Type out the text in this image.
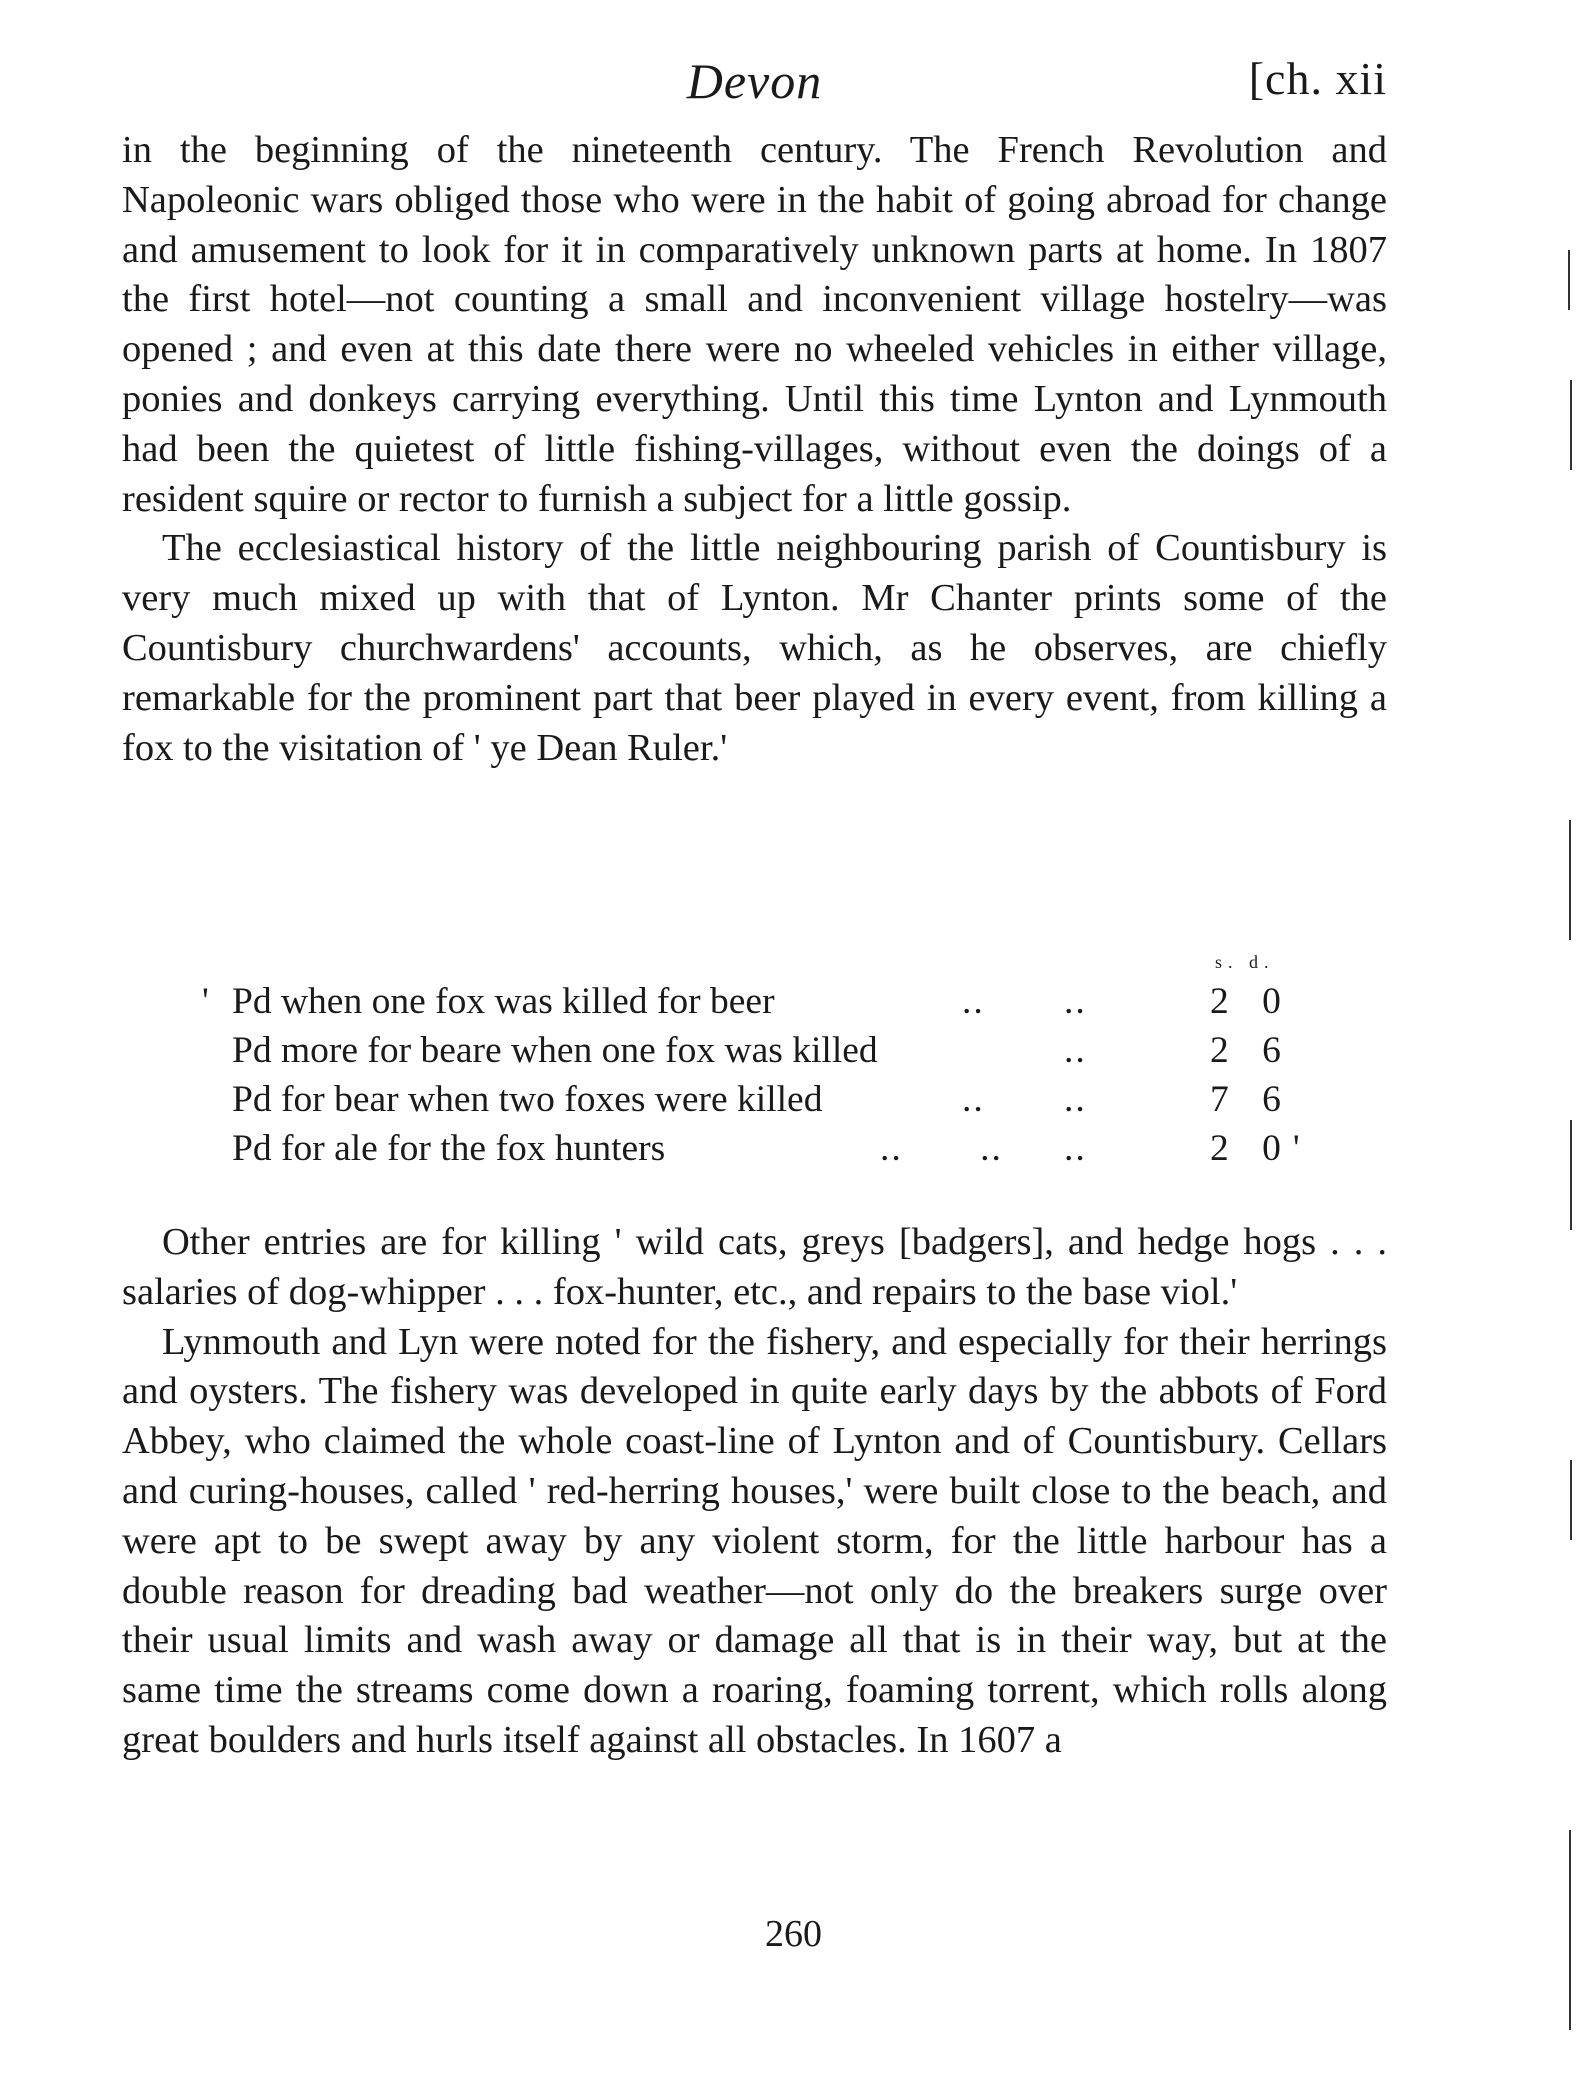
Devon	[ch. xii

in the beginning of the nineteenth century. The French Revolution and Napoleonic wars obliged those who were in the habit of going abroad for change and amusement to look for it in comparatively unknown parts at home. In 1807 the first hotel—not counting a small and inconvenient village hostelry—was opened ; and even at this date there were no wheeled vehicles in either village, ponies and donkeys carrying everything. Until this time Lynton and Lynmouth had been the quietest of little fishing-villages, without even the doings of a resident squire or rector to furnish a subject for a little gossip.

The ecclesiastical history of the little neighbouring parish of Countisbury is very much mixed up with that of Lynton. Mr Chanter prints some of the Countisbury churchwardens' accounts, which, as he observes, are chiefly remarkable for the prominent part that beer played in every event, from killing a fox to the visitation of ' ye Dean Ruler.'

s. d.
' Pd when one fox was killed for beer	.. ..	2 0
Pd more for beare when one fox was killed	..	2 6
Pd for bear when two foxes were killed	.. ..	7 6
Pd for ale for the fox hunters	.. .. ..	2 0'

Other entries are for killing ' wild cats, greys [badgers], and hedge hogs . . . salaries of dog-whipper . . . fox-hunter, etc., and repairs to the base viol.'

Lynmouth and Lyn were noted for the fishery, and especially for their herrings and oysters. The fishery was developed in quite early days by the abbots of Ford Abbey, who claimed the whole coast-line of Lynton and of Countisbury. Cellars and curing-houses, called ' red-herring houses,' were built close to the beach, and were apt to be swept away by any violent storm, for the little harbour has a double reason for dreading bad weather—not only do the breakers surge over their usual limits and wash away or damage all that is in their way, but at the same time the streams come down a roaring, foaming torrent, which rolls along great boulders and hurls itself against all obstacles. In 1607 a

260
